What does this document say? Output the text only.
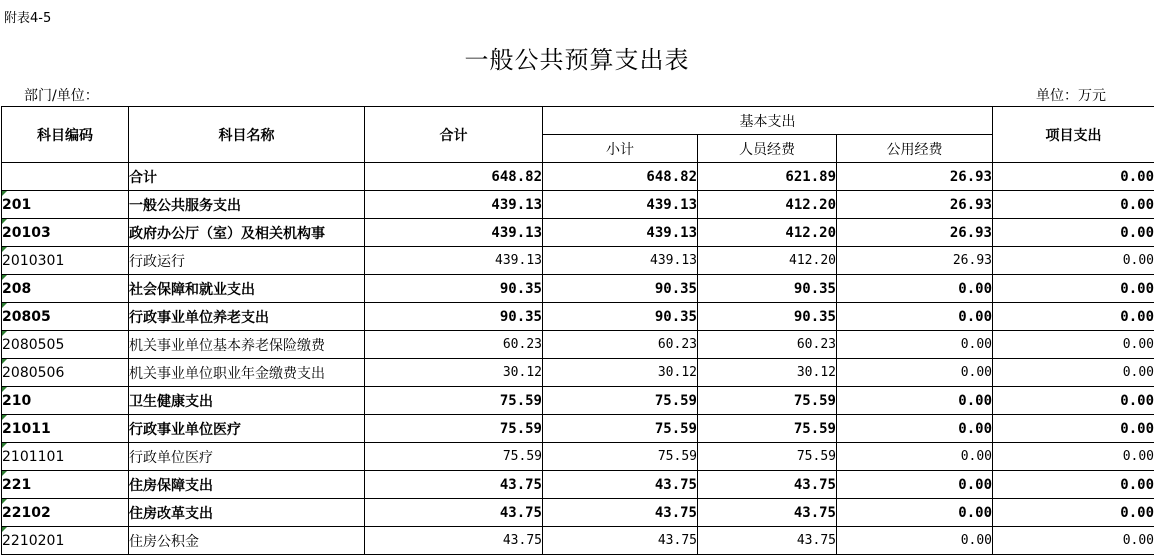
附表4-5
一般公共预算支出表
部门/单位：	单位：万元
科目编码	科目名称	合计	基本支出			项目支出
			小计	人员经费	公用经费	
	合计	648.82	648.82	621.89	26.93	0.00
201	一般公共服务支出	439.13	439.13	412.20	26.93	0.00
20103	政府办公厅（室）及相关机构事	439.13	439.13	412.20	26.93	0.00
2010301	行政运行	439.13	439.13	412.20	26.93	0.00
208	社会保障和就业支出	90.35	90.35	90.35	0.00	0.00
20805	行政事业单位养老支出	90.35	90.35	90.35	0.00	0.00
2080505	机关事业单位基本养老保险缴费	60.23	60.23	60.23	0.00	0.00
2080506	机关事业单位职业年金缴费支出	30.12	30.12	30.12	0.00	0.00
210	卫生健康支出	75.59	75.59	75.59	0.00	0.00
21011	行政事业单位医疗	75.59	75.59	75.59	0.00	0.00
2101101	行政单位医疗	75.59	75.59	75.59	0.00	0.00
221	住房保障支出	43.75	43.75	43.75	0.00	0.00
22102	住房改革支出	43.75	43.75	43.75	0.00	0.00
2210201	住房公积金	43.75	43.75	43.75	0.00	0.00
